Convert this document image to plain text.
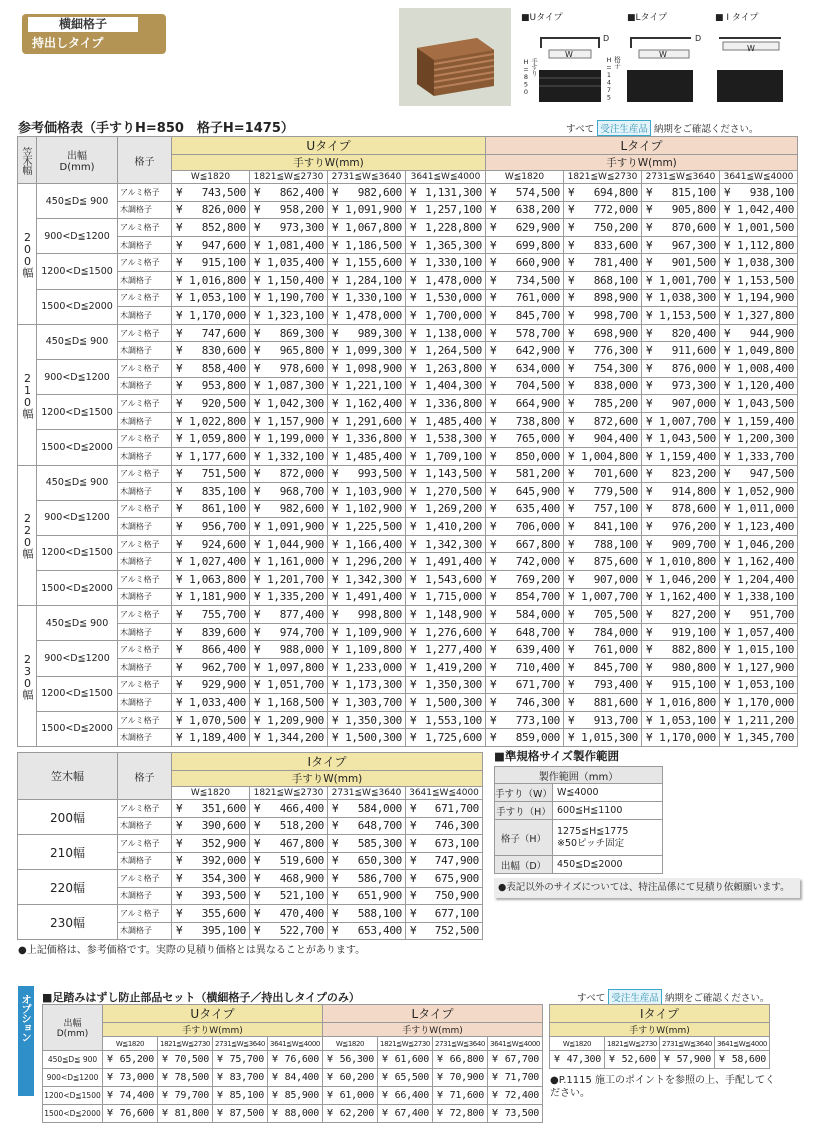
横細格子
持出しタイプ
■Uタイプ	■Lタイプ	■ I タイプ
W	W
W
D	D
手すりH=850	格子H=1475
参考価格表（手すりH=850　格子H=1475）	すべて 受注生産品 納期をご確認ください。
笠木幅	出幅
D(mm)	格子	Uタイプ				Lタイプ			
			手すりW(mm)				手すりW(mm)			
			W≦1820	1821≦W≦2730	2731≦W≦3640	3641≦W≦4000	W≦1820	1821≦W≦2730	2731≦W≦3640	3641≦W≦4000

200幅	450≦D≦ 900	アルミ格子	¥ 743,500	¥ 862,400	¥ 982,600	¥ 1,131,300	¥ 574,500	¥ 694,800	¥ 815,100	¥ 938,100
		木調格子	¥ 826,000	¥ 958,200	¥ 1,091,900	¥ 1,257,100	¥ 638,200	¥ 772,000	¥ 905,800	¥ 1,042,400
	900<D≦1200	アルミ格子	¥ 852,800	¥ 973,300	¥ 1,067,800	¥ 1,228,800	¥ 629,900	¥ 750,200	¥ 870,600	¥ 1,001,500
		木調格子	¥ 947,600	¥ 1,081,400	¥ 1,186,500	¥ 1,365,300	¥ 699,800	¥ 833,600	¥ 967,300	¥ 1,112,800
	1200<D≦1500	アルミ格子	¥ 915,100	¥ 1,035,400	¥ 1,155,600	¥ 1,330,100	¥ 660,900	¥ 781,400	¥ 901,500	¥ 1,038,300
		木調格子	¥ 1,016,800	¥ 1,150,400	¥ 1,284,100	¥ 1,478,000	¥ 734,500	¥ 868,100	¥ 1,001,700	¥ 1,153,500
	1500<D≦2000	アルミ格子	¥ 1,053,100	¥ 1,190,700	¥ 1,330,100	¥ 1,530,000	¥ 761,000	¥ 898,900	¥ 1,038,300	¥ 1,194,900
		木調格子	¥ 1,170,000	¥ 1,323,100	¥ 1,478,000	¥ 1,700,000	¥ 845,700	¥ 998,700	¥ 1,153,500	¥ 1,327,800

210幅	450≦D≦ 900	アルミ格子	¥ 747,600	¥ 869,300	¥ 989,300	¥ 1,138,000	¥ 578,700	¥ 698,900	¥ 820,400	¥ 944,900
		木調格子	¥ 830,600	¥ 965,800	¥ 1,099,300	¥ 1,264,500	¥ 642,900	¥ 776,300	¥ 911,600	¥ 1,049,800
	900<D≦1200	アルミ格子	¥ 858,400	¥ 978,600	¥ 1,098,900	¥ 1,263,800	¥ 634,000	¥ 754,300	¥ 876,000	¥ 1,008,400
		木調格子	¥ 953,800	¥ 1,087,300	¥ 1,221,100	¥ 1,404,300	¥ 704,500	¥ 838,000	¥ 973,300	¥ 1,120,400
	1200<D≦1500	アルミ格子	¥ 920,500	¥ 1,042,300	¥ 1,162,400	¥ 1,336,800	¥ 664,900	¥ 785,200	¥ 907,000	¥ 1,043,500
		木調格子	¥ 1,022,800	¥ 1,157,900	¥ 1,291,600	¥ 1,485,400	¥ 738,800	¥ 872,600	¥ 1,007,700	¥ 1,159,400
	1500<D≦2000	アルミ格子	¥ 1,059,800	¥ 1,199,000	¥ 1,336,800	¥ 1,538,300	¥ 765,000	¥ 904,400	¥ 1,043,500	¥ 1,200,300
		木調格子	¥ 1,177,600	¥ 1,332,100	¥ 1,485,400	¥ 1,709,100	¥ 850,000	¥ 1,004,800	¥ 1,159,400	¥ 1,333,700

220幅	450≦D≦ 900	アルミ格子	¥ 751,500	¥ 872,000	¥ 993,500	¥ 1,143,500	¥ 581,200	¥ 701,600	¥ 823,200	¥ 947,500
		木調格子	¥ 835,100	¥ 968,700	¥ 1,103,900	¥ 1,270,500	¥ 645,900	¥ 779,500	¥ 914,800	¥ 1,052,900
	900<D≦1200	アルミ格子	¥ 861,100	¥ 982,600	¥ 1,102,900	¥ 1,269,200	¥ 635,400	¥ 757,100	¥ 878,600	¥ 1,011,000
		木調格子	¥ 956,700	¥ 1,091,900	¥ 1,225,500	¥ 1,410,200	¥ 706,000	¥ 841,100	¥ 976,200	¥ 1,123,400
	1200<D≦1500	アルミ格子	¥ 924,600	¥ 1,044,900	¥ 1,166,400	¥ 1,342,300	¥ 667,800	¥ 788,100	¥ 909,700	¥ 1,046,200
		木調格子	¥ 1,027,400	¥ 1,161,000	¥ 1,296,200	¥ 1,491,400	¥ 742,000	¥ 875,600	¥ 1,010,800	¥ 1,162,400
	1500<D≦2000	アルミ格子	¥ 1,063,800	¥ 1,201,700	¥ 1,342,300	¥ 1,543,600	¥ 769,200	¥ 907,000	¥ 1,046,200	¥ 1,204,400
		木調格子	¥ 1,181,900	¥ 1,335,200	¥ 1,491,400	¥ 1,715,000	¥ 854,700	¥ 1,007,700	¥ 1,162,400	¥ 1,338,100

230幅	450≦D≦ 900	アルミ格子	¥ 755,700	¥ 877,400	¥ 998,800	¥ 1,148,900	¥ 584,000	¥ 705,500	¥ 827,200	¥ 951,700
		木調格子	¥ 839,600	¥ 974,700	¥ 1,109,900	¥ 1,276,600	¥ 648,700	¥ 784,000	¥ 919,100	¥ 1,057,400
	900<D≦1200	アルミ格子	¥ 866,400	¥ 988,000	¥ 1,109,800	¥ 1,277,400	¥ 639,400	¥ 761,000	¥ 882,800	¥ 1,015,100
		木調格子	¥ 962,700	¥ 1,097,800	¥ 1,233,000	¥ 1,419,200	¥ 710,400	¥ 845,700	¥ 980,800	¥ 1,127,900
	1200<D≦1500	アルミ格子	¥ 929,900	¥ 1,051,700	¥ 1,173,300	¥ 1,350,300	¥ 671,700	¥ 793,400	¥ 915,100	¥ 1,053,100
		木調格子	¥ 1,033,400	¥ 1,168,500	¥ 1,303,700	¥ 1,500,300	¥ 746,300	¥ 881,600	¥ 1,016,800	¥ 1,170,000
	1500<D≦2000	アルミ格子	¥ 1,070,500	¥ 1,209,900	¥ 1,350,300	¥ 1,553,100	¥ 773,100	¥ 913,700	¥ 1,053,100	¥ 1,211,200
		木調格子	¥ 1,189,400	¥ 1,344,200	¥ 1,500,300	¥ 1,725,600	¥ 859,000	¥ 1,015,300	¥ 1,170,000	¥ 1,345,700
笠木幅	格子	Iタイプ			
		手すりW(mm)			
		W≦1820	1821≦W≦2730	2731≦W≦3640	3641≦W≦4000
200幅	アルミ格子	¥ 351,600	¥ 466,400	¥ 584,000	¥ 671,700
	木調格子	¥ 390,600	¥ 518,200	¥ 648,700	¥ 746,300
210幅	アルミ格子	¥ 352,900	¥ 467,800	¥ 585,300	¥ 673,100
	木調格子	¥ 392,000	¥ 519,600	¥ 650,300	¥ 747,900
220幅	アルミ格子	¥ 354,300	¥ 468,900	¥ 586,700	¥ 675,900
	木調格子	¥ 393,500	¥ 521,100	¥ 651,900	¥ 750,900
230幅	アルミ格子	¥ 355,600	¥ 470,400	¥ 588,100	¥ 677,100
	木調格子	¥ 395,100	¥ 522,700	¥ 653,400	¥ 752,500
●上記価格は、参考価格です。実際の見積り価格とは異なることがあります。
■準規格サイズ製作範囲
製作範囲（mm）	
手すり（W）	W≦4000
手すり（H）	600≦H≦1100
格子（H）	1275≦H≦1775
※50ピッチ固定
出幅（D）	450≦D≦2000
●表記以外のサイズについては、特注品係にて見積り依頼願います。
オプション ■足踏みはずし防止部品セット（横細格子／持出しタイプのみ）	すべて 受注生産品 納期をご確認ください。
出幅
D(mm)	Uタイプ				Lタイプ			
	手すりW(mm)				手すりW(mm)			
	W≦1820	1821≦W≦2730	2731≦W≦3640	3641≦W≦4000	W≦1820	1821≦W≦2730	2731≦W≦3640	3641≦W≦4000
450≦D≦ 900	¥ 65,200	¥ 70,500	¥ 75,700	¥ 76,600	¥ 56,300	¥ 61,600	¥ 66,800	¥ 67,700
900<D≦1200	¥ 73,000	¥ 78,500	¥ 83,700	¥ 84,400	¥ 60,200	¥ 65,500	¥ 70,900	¥ 71,700
1200<D≦1500	¥ 74,400	¥ 79,700	¥ 85,100	¥ 85,900	¥ 61,000	¥ 66,400	¥ 71,600	¥ 72,400
1500<D≦2000	¥ 76,600	¥ 81,800	¥ 87,500	¥ 88,000	¥ 62,200	¥ 67,400	¥ 72,800	¥ 73,500
Iタイプ			
手すりW(mm)			
W≦1820	1821≦W≦2730	2731≦W≦3640	3641≦W≦4000

¥ 47,300	¥ 52,600	¥ 57,900	¥ 58,600
●P.1115 施工のポイントを参照の上、手配してください。
